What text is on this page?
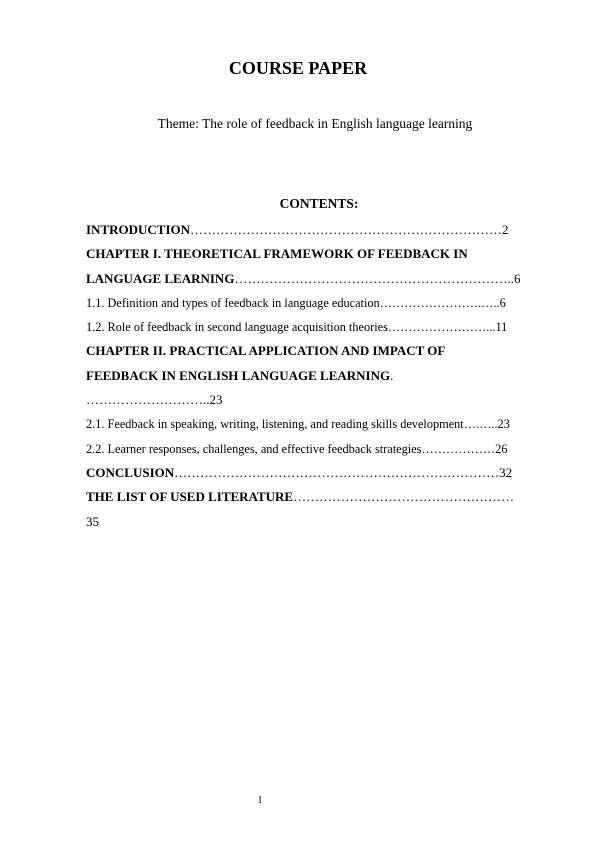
COURSE PAPER
Theme: The role of feedback in English language learning
CONTENTS:
INTRODUCTION………………………………………………………………2
CHAPTER I. THEORETICAL FRAMEWORK OF FEEDBACK IN
LANGUAGE LEARNING………………………………………………………..6
1.1. Definition and types of feedback in language education…………………….…..6
1.2. Role of feedback in second language acquisition theories……………………...11
CHAPTER II. PRACTICAL APPLICATION AND IMPACT OF
FEEDBACK IN ENGLISH LANGUAGE LEARNING.
………………………..23
2.1. Feedback in speaking, writing, listening, and reading skills development….…..23
2.2. Learner responses, challenges, and effective feedback strategies………………26
CONCLUSION…………………………………………………………………32
THE LIST OF USED LITERATURE……………………………………………
35
1
